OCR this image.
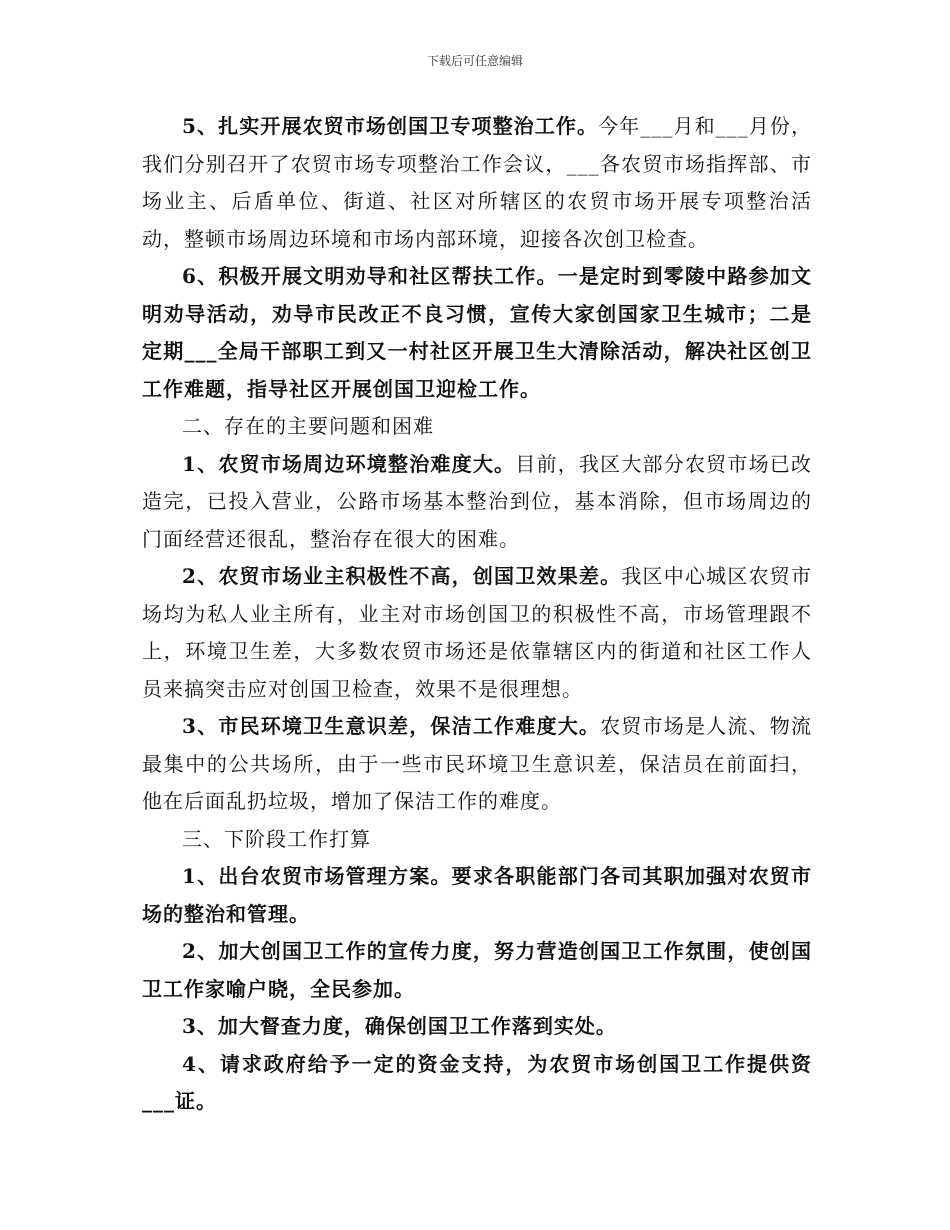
下载后可任意编辑

5、扎实开展农贸市场创国卫专项整治工作。今年___月和___月份，我们分别召开了农贸市场专项整治工作会议，___各农贸市场指挥部、市场业主、后盾单位、街道、社区对所辖区的农贸市场开展专项整治活动，整顿市场周边环境和市场内部环境，迎接各次创卫检查。

6、积极开展文明劝导和社区帮扶工作。一是定时到零陵中路参加文明劝导活动，劝导市民改正不良习惯，宣传大家创国家卫生城市；二是定期___全局干部职工到又一村社区开展卫生大清除活动，解决社区创卫工作难题，指导社区开展创国卫迎检工作。

二、存在的主要问题和困难

1、农贸市场周边环境整治难度大。目前，我区大部分农贸市场已改造完，已投入营业，公路市场基本整治到位，基本消除，但市场周边的门面经营还很乱，整治存在很大的困难。

2、农贸市场业主积极性不高，创国卫效果差。我区中心城区农贸市场均为私人业主所有，业主对市场创国卫的积极性不高，市场管理跟不上，环境卫生差，大多数农贸市场还是依靠辖区内的街道和社区工作人员来搞突击应对创国卫检查，效果不是很理想。

3、市民环境卫生意识差，保洁工作难度大。农贸市场是人流、物流最集中的公共场所，由于一些市民环境卫生意识差，保洁员在前面扫，他在后面乱扔垃圾，增加了保洁工作的难度。

三、下阶段工作打算

1、出台农贸市场管理方案。要求各职能部门各司其职加强对农贸市场的整治和管理。

2、加大创国卫工作的宣传力度，努力营造创国卫工作氛围，使创国卫工作家喻户晓，全民参加。

3、加大督查力度，确保创国卫工作落到实处。

4、请求政府给予一定的资金支持，为农贸市场创国卫工作提供资___证。
